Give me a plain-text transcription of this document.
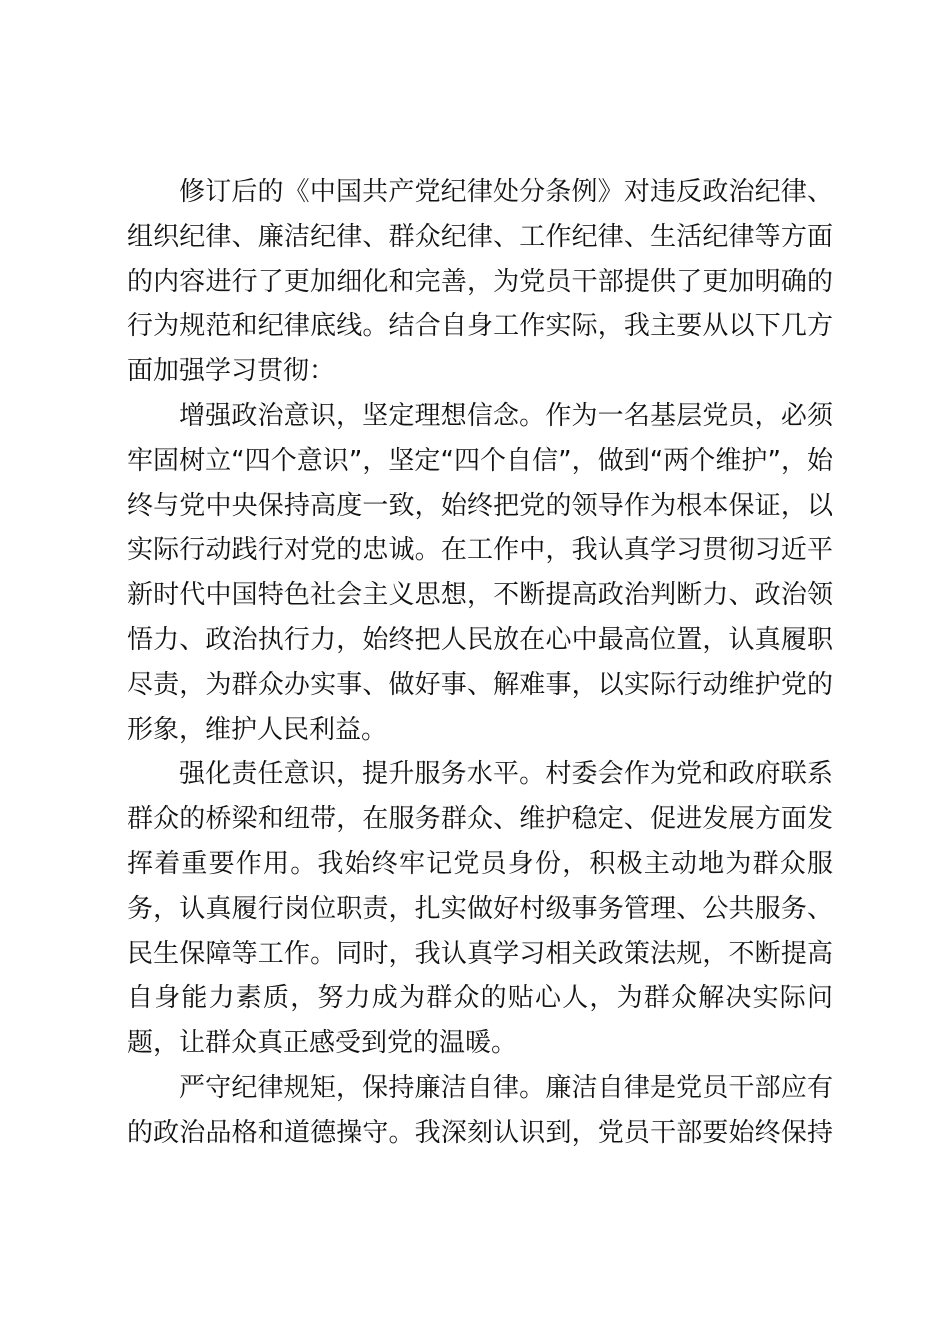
修订后的《中国共产党纪律处分条例》对违反政治纪律、
组织纪律、廉洁纪律、群众纪律、工作纪律、生活纪律等方面
的内容进行了更加细化和完善，为党员干部提供了更加明确的
行为规范和纪律底线。结合自身工作实际，我主要从以下几方
面加强学习贯彻：
增强政治意识，坚定理想信念。作为一名基层党员，必须
牢固树立“四个意识”，坚定“四个自信”，做到“两个维护”，始
终与党中央保持高度一致，始终把党的领导作为根本保证，以
实际行动践行对党的忠诚。在工作中，我认真学习贯彻习近平
新时代中国特色社会主义思想，不断提高政治判断力、政治领
悟力、政治执行力，始终把人民放在心中最高位置，认真履职
尽责，为群众办实事、做好事、解难事，以实际行动维护党的
形象，维护人民利益。
强化责任意识，提升服务水平。村委会作为党和政府联系
群众的桥梁和纽带，在服务群众、维护稳定、促进发展方面发
挥着重要作用。我始终牢记党员身份，积极主动地为群众服
务，认真履行岗位职责，扎实做好村级事务管理、公共服务、
民生保障等工作。同时，我认真学习相关政策法规，不断提高
自身能力素质，努力成为群众的贴心人，为群众解决实际问
题，让群众真正感受到党的温暖。
严守纪律规矩，保持廉洁自律。廉洁自律是党员干部应有
的政治品格和道德操守。我深刻认识到，党员干部要始终保持
